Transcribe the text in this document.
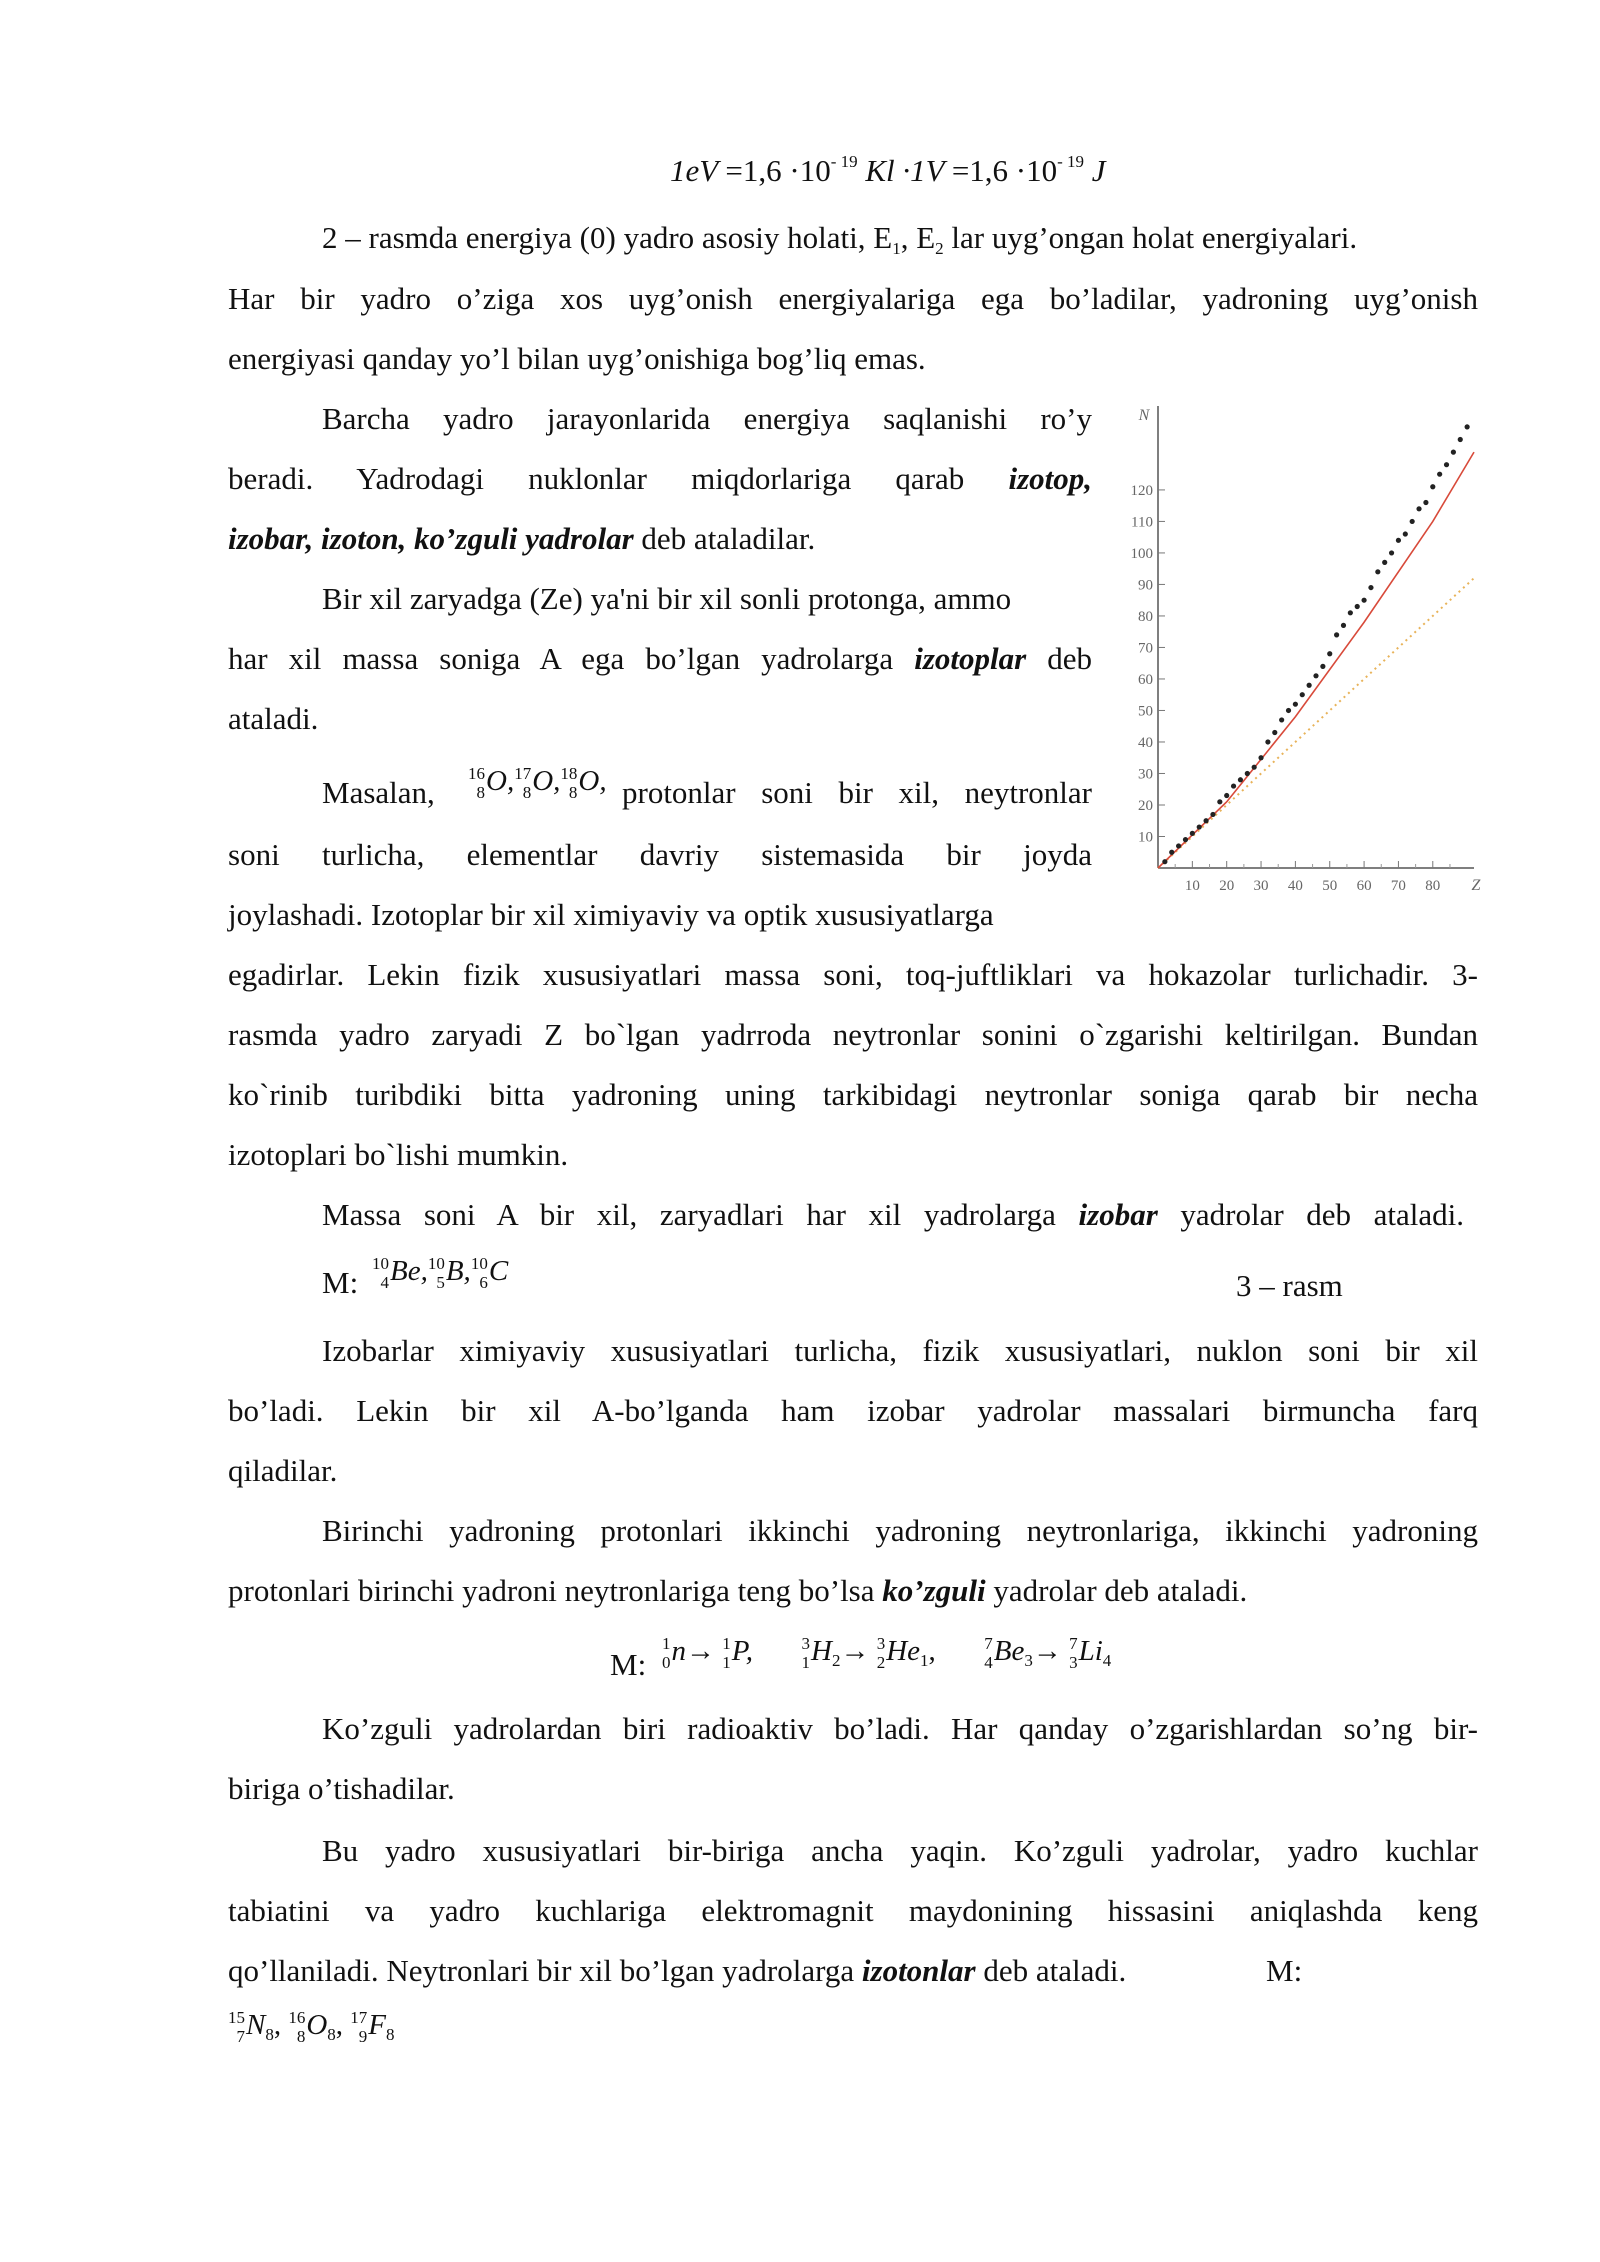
$1eV =1,6 \cdot 10^{- 19}$ $Kl \cdot 1V =1,6 \cdot 10^{- 19}$ J
2 – rasmda energiya (0) yadro asosiy holati, $E_1$, $E_2$ lar uyg’ongan holat energiyalari.
Har bir yadro o’ziga xos uyg’onish energiyalariga ega bo’ladilar, yadroning uyg’onish
energiyasi qanday yo’l bilan uyg’onishiga bog’liq emas.
Barcha yadro jarayonlarida energiya saqlanishi ro’y
beradi. Yadrodagi nuklonlar miqdorlariga qarab izotop,
izobar, izoton, ko’zguli yadrolar deb ataladilar.
Bir xil zaryadga (Ze) ya'ni bir xil sonli protonga, ammo
har xil massa soniga A ega bo’lgan yadrolarga izotoplar deb
ataladi.
Masalan,
16
8 O, 17
8 O, 18
8 O, protonlar soni bir xil, neytronlar
soni turlicha, elementlar davriy sistemasida bir joyda
joylashadi. Izotoplar bir xil ximiyaviy va optik xususiyatlarga
egadirlar. Lekin fizik xususiyatlari massa soni, toq-juftliklari va hokazolar turlichadir. 3-
rasmda yadro zaryadi Z bo`lgan yadrroda neytronlar sonini o`zgarishi keltirilgan. Bundan
ko`rinib turibdiki bitta yadroning uning tarkibidagi neytronlar soniga qarab bir necha
izotoplari bo`lishi mumkin.
Massa soni A bir xil, zaryadlari har xil yadrolarga izobar yadrolar deb ataladi.
M:
10
4 Be, 10
5 B, 10
6 C
10
20
30
40
50
60
70
80
90
100
110
120
10 20 30 40 50 60 70 80
N
Z
3 – rasm
Izobarlar ximiyaviy xususiyatlari turlicha, fizik xususiyatlari, nuklon soni bir xil
bo’ladi. Lekin bir xil A-bo’lganda ham izobar yadrolar massalari birmuncha farq
qiladilar.
Birinchi yadroning protonlari ikkinchi yadroning neytronlariga, ikkinchi yadroning
protonlari birinchi yadroni neytronlariga teng bo’lsa ko’zguli yadrolar deb ataladi.
M:
1
0 n→ 1
1 P,	3
1 $H_2\to 3$
2 $He_1$,	7
4 $Be_3\to 7$
3 $Li_4$
Ko’zguli yadrolardan biri radioaktiv bo’ladi. Har qanday o’zgarishlardan so’ng bir-
biriga o’tishadilar.
Bu yadro xususiyatlari bir-biriga ancha yaqin. Ko’zguli yadrolar, yadro kuchlar
tabiatini va yadro kuchlariga elektromagnit maydonining hissasini aniqlashda keng
qo’llaniladi. Neytronlari bir xil bo’lgan yadrolarga izotonlar deb ataladi.	M:
15
7 $N_8$, 16
8 $O_8$, 17
9 $F_8$
